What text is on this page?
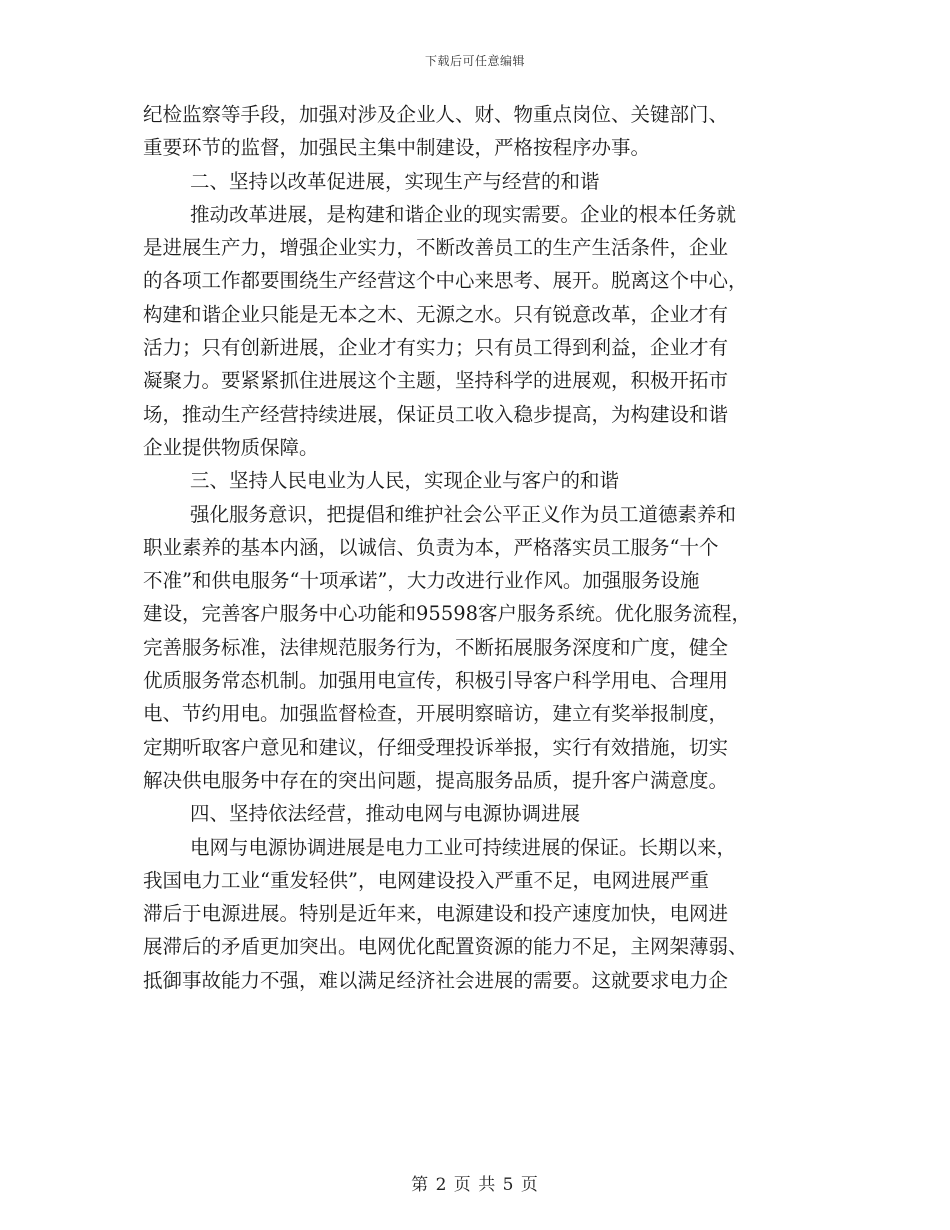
下载后可任意编辑
纪检监察等手段，加强对涉及企业人、财、物重点岗位、关键部门、
重要环节的监督，加强民主集中制建设，严格按程序办事。
二、坚持以改革促进展，实现生产与经营的和谐
推动改革进展，是构建和谐企业的现实需要。企业的根本任务就
是进展生产力，增强企业实力，不断改善员工的生产生活条件，企业
的各项工作都要围绕生产经营这个中心来思考、展开。脱离这个中心，
构建和谐企业只能是无本之木、无源之水。只有锐意改革，企业才有
活力；只有创新进展，企业才有实力；只有员工得到利益，企业才有
凝聚力。要紧紧抓住进展这个主题，坚持科学的进展观，积极开拓市
场，推动生产经营持续进展，保证员工收入稳步提高，为构建设和谐
企业提供物质保障。
三、坚持人民电业为人民，实现企业与客户的和谐
强化服务意识，把提倡和维护社会公平正义作为员工道德素养和
职业素养的基本内涵，以诚信、负责为本，严格落实员工服务“十个
不准”和供电服务“十项承诺”，大力改进行业作风。加强服务设施
建设，完善客户服务中心功能和95598客户服务系统。优化服务流程，
完善服务标准，法律规范服务行为，不断拓展服务深度和广度，健全
优质服务常态机制。加强用电宣传，积极引导客户科学用电、合理用
电、节约用电。加强监督检查，开展明察暗访，建立有奖举报制度，
定期听取客户意见和建议，仔细受理投诉举报，实行有效措施，切实
解决供电服务中存在的突出问题，提高服务品质，提升客户满意度。
四、坚持依法经营，推动电网与电源协调进展
电网与电源协调进展是电力工业可持续进展的保证。长期以来，
我国电力工业“重发轻供”，电网建设投入严重不足，电网进展严重
滞后于电源进展。特别是近年来，电源建设和投产速度加快，电网进
展滞后的矛盾更加突出。电网优化配置资源的能力不足，主网架薄弱、
抵御事故能力不强，难以满足经济社会进展的需要。这就要求电力企
第 2 页 共 5 页
